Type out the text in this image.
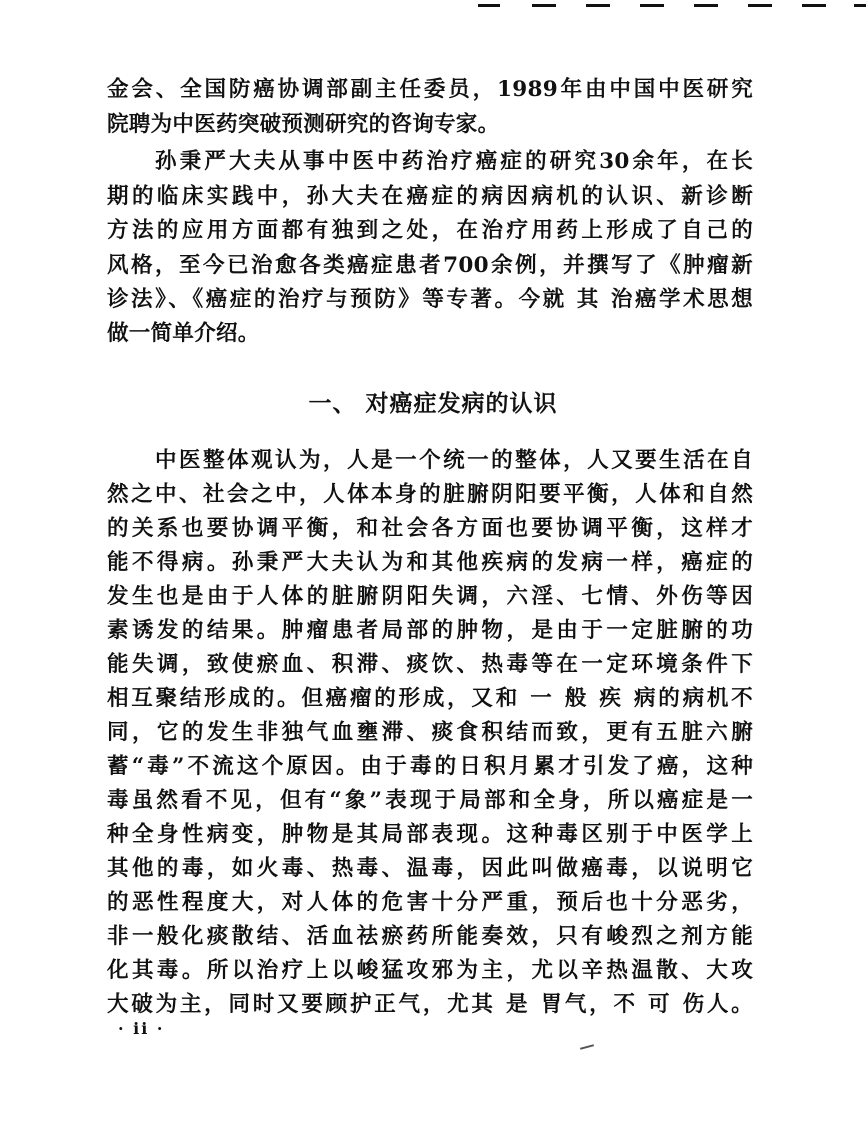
金会、全国防癌协调部副主任委员，1989年由中国中医研究
院聘为中医药突破预测研究的咨询专家。
孙秉严大夫从事中医中药治疗癌症的研究30余年，在长
期的临床实践中，孙大夫在癌症的病因病机的认识、新诊断
方法的应用方面都有独到之处，在治疗用药上形成了自己的
风格，至今已治愈各类癌症患者700余例，并撰写了《肿瘤新
诊法》、《癌症的治疗与预防》等专著。今就 其 治癌学术思想
做一简单介绍。
一、 对癌症发病的认识
中医整体观认为，人是一个统一的整体，人又要生活在自
然之中、社会之中，人体本身的脏腑阴阳要平衡，人体和自然
的关系也要协调平衡，和社会各方面也要协调平衡，这样才
能不得病。孙秉严大夫认为和其他疾病的发病一样，癌症的
发生也是由于人体的脏腑阴阳失调，六淫、七情、外伤等因
素诱发的结果。肿瘤患者局部的肿物，是由于一定脏腑的功
能失调，致使瘀血、积滞、痰饮、热毒等在一定环境条件下
相互聚结形成的。但癌瘤的形成，又和 一 般 疾 病的病机不
同，它的发生非独气血壅滞、痰食积结而致，更有五脏六腑
蓄“毒”不流这个原因。由于毒的日积月累才引发了癌，这种
毒虽然看不见，但有“象”表现于局部和全身，所以癌症是一
种全身性病变，肿物是其局部表现。这种毒区别于中医学上
其他的毒，如火毒、热毒、温毒，因此叫做癌毒，以说明它
的恶性程度大，对人体的危害十分严重，预后也十分恶劣，
非一般化痰散结、活血祛瘀药所能奏效，只有峻烈之剂方能
化其毒。所以治疗上以峻猛攻邪为主，尤以辛热温散、大攻
大破为主，同时又要顾护正气，尤其 是 胃气，不 可 伤人。
· ii ·
